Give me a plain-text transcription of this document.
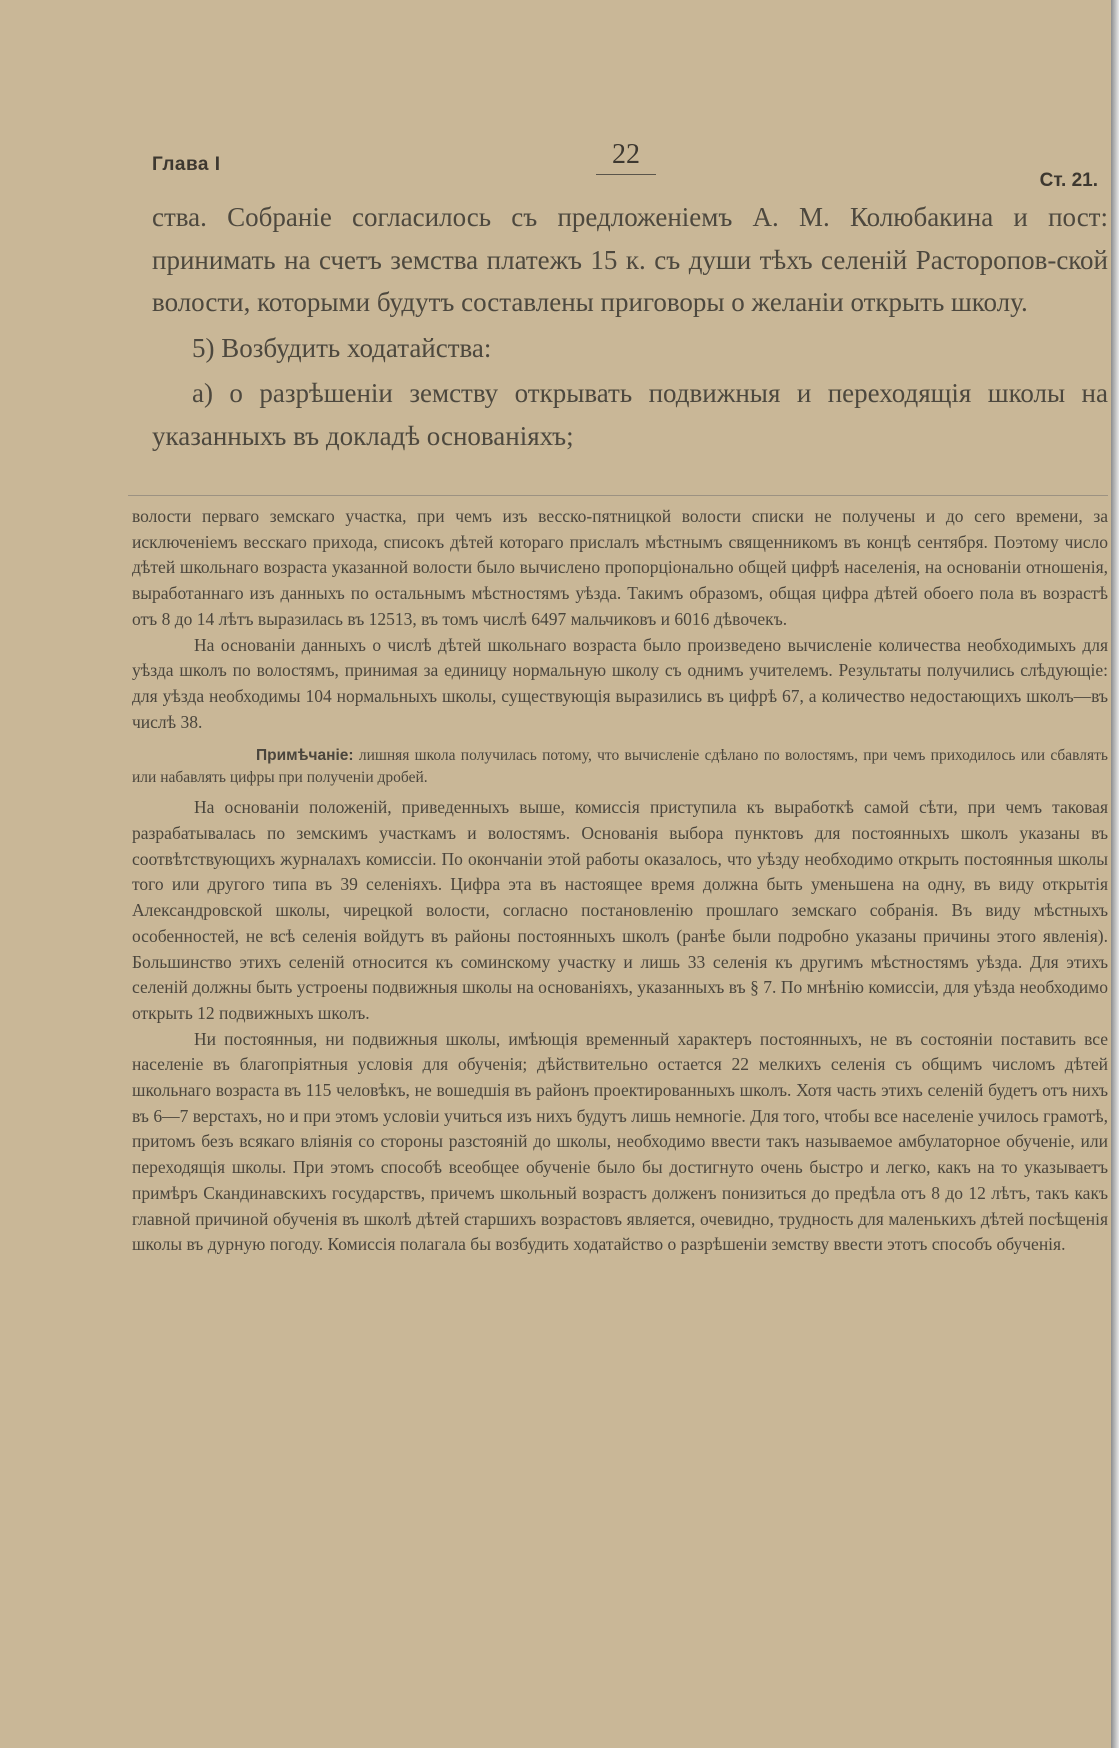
Глава I	22
Ст. 21.

ства. Собраніе согласилось съ предложеніемъ А. М. Колюбакина и пост: принимать на счетъ земства платежъ 15 к. съ души тѣхъ селеній Расторопов-ской волости, которыми будутъ составлены приговоры о желаніи открыть школу.

5) Возбудить ходатайства:

а) о разрѣшеніи земству открывать подвижныя и переходящія школы на указанныхъ въ докладѣ основаніяхъ;

волости перваго земскаго участка, при чемъ изъ весско-пятницкой волости списки не получены и до сего времени, за исключеніемъ весскаго прихода, списокъ дѣтей котораго прислалъ мѣстнымъ священникомъ въ концѣ сентября. Поэтому число дѣтей школьнаго возраста указанной волости было вычислено пропорціонально общей цифрѣ населенія, на основаніи отношенія, выработаннаго изъ данныхъ по остальнымъ мѣстностямъ уѣзда. Такимъ образомъ, общая цифра дѣтей обоего пола въ возрастѣ отъ 8 до 14 лѣтъ выразилась въ 12513, въ томъ числѣ 6497 мальчиковъ и 6016 дѣвочекъ.

На основаніи данныхъ о числѣ дѣтей школьнаго возраста было произведено вычисленіе количества необходимыхъ для уѣзда школъ по волостямъ, принимая за единицу нормальную школу съ однимъ учителемъ. Результаты получились слѣдующіе: для уѣзда необходимы 104 нормальныхъ школы, существующія выразились въ цифрѣ 67, а количество недостающихъ школъ—въ числѣ 38.

Примѣчаніе: лишняя школа получилась потому, что вычисленіе сдѣлано по волостямъ, при чемъ приходилось или сбавлять или набавлять цифры при полученіи дробей.

На основаніи положеній, приведенныхъ выше, комиссія приступила къ выработкѣ самой сѣти, при чемъ таковая разрабатывалась по земскимъ участкамъ и волостямъ. Основанія выбора пунктовъ для постоянныхъ школъ указаны въ соотвѣтствующихъ журналахъ комиссіи. По окончаніи этой работы оказалось, что уѣзду необходимо открыть постоянныя школы того или другого типа въ 39 селеніяхъ. Цифра эта въ настоящее время должна быть уменьшена на одну, въ виду открытія Александровской школы, чирецкой волости, согласно постановленію прошлаго земскаго собранія. Въ виду мѣстныхъ особенностей, не всѣ селенія войдутъ въ районы постоянныхъ школъ (ранѣе были подробно указаны причины этого явленія). Большинство этихъ селеній относится къ соминскому участку и лишь 33 селенія къ другимъ мѣстностямъ уѣзда. Для этихъ селеній должны быть устроены подвижныя школы на основаніяхъ, указанныхъ въ § 7. По мнѣнію комиссіи, для уѣзда необходимо открыть 12 подвижныхъ школъ.

Ни постоянныя, ни подвижныя школы, имѣющія временный характеръ постоянныхъ, не въ состояніи поставить все населеніе въ благопріятныя условія для обученія; дѣйствительно остается 22 мелкихъ селенія съ общимъ числомъ дѣтей школьнаго возраста въ 115 человѣкъ, не вошедшія въ районъ проектированныхъ школъ. Хотя часть этихъ селеній будетъ отъ нихъ въ 6—7 верстахъ, но и при этомъ условіи учиться изъ нихъ будутъ лишь немногіе. Для того, чтобы все населеніе училось грамотѣ, притомъ безъ всякаго вліянія со стороны разстояній до школы, необходимо ввести такъ называемое амбулаторное обученіе, или переходящія школы. При этомъ способѣ всеобщее обученіе было бы достигнуто очень быстро и легко, какъ на то указываетъ примѣръ Скандинавскихъ государствъ, причемъ школьный возрастъ долженъ понизиться до предѣла отъ 8 до 12 лѣтъ, такъ какъ главной причиной обученія въ школѣ дѣтей старшихъ возрастовъ является, очевидно, трудность для маленькихъ дѣтей посѣщенія школы въ дурную погоду. Комиссія полагала бы возбудить ходатайство о разрѣшеніи земству ввести этотъ способъ обученія.
